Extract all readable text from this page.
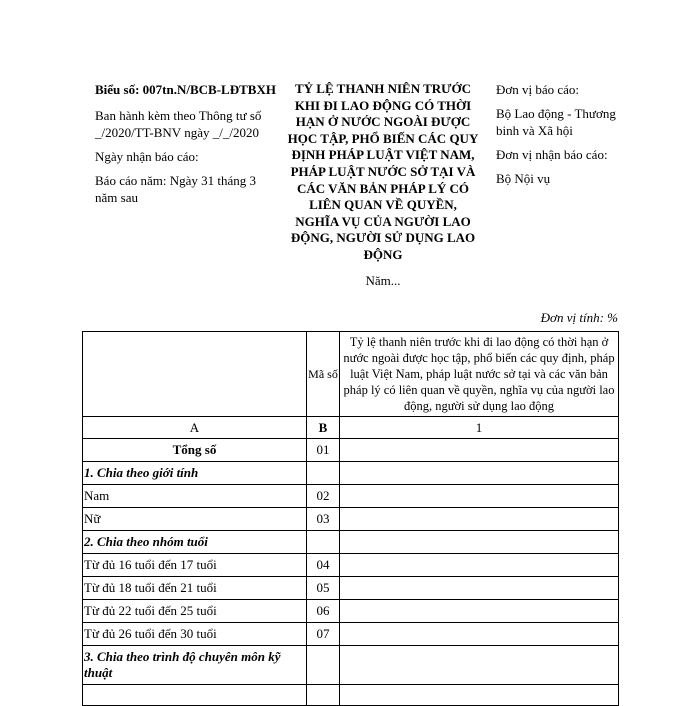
Biểu số: 007tn.N/BCB-LĐTBXH

Ban hành kèm theo Thông tư số _/2020/TT-BNV ngày _/_/2020

Ngày nhận báo cáo:

Báo cáo năm: Ngày 31 tháng 3 năm sau

TỶ LỆ THANH NIÊN TRƯỚC KHI ĐI LAO ĐỘNG CÓ THỜI HẠN Ở NƯỚC NGOÀI ĐƯỢC HỌC TẬP, PHỔ BIẾN CÁC QUY ĐỊNH PHÁP LUẬT VIỆT NAM, PHÁP LUẬT NƯỚC SỞ TẠI VÀ CÁC VĂN BẢN PHÁP LÝ CÓ LIÊN QUAN VỀ QUYỀN, NGHĨA VỤ CỦA NGƯỜI LAO ĐỘNG, NGƯỜI SỬ DỤNG LAO ĐỘNG
Năm...

Đơn vị báo cáo:

Bộ Lao động - Thương binh và Xã hội

Đơn vị nhận báo cáo:

Bộ Nội vụ

Đơn vị tính: %
	Mã số	Tỷ lệ thanh niên trước khi đi lao động có thời hạn ở nước ngoài được học tập, phổ biến các quy định, pháp luật Việt Nam, pháp luật nước sở tại và các văn bản pháp lý có liên quan về quyền, nghĩa vụ của người lao động, người sử dụng lao động
A	B	1
Tổng số	01	
1. Chia theo giới tính		
Nam	02	
Nữ	03	
2. Chia theo nhóm tuổi		
Từ đủ 16 tuổi đến 17 tuổi	04	
Từ đủ 18 tuổi đến 21 tuổi	05	
Từ đủ 22 tuổi đến 25 tuổi	06	
Từ đủ 26 tuổi đến 30 tuổi	07	
3. Chia theo trình độ chuyên môn kỹ thuật		
